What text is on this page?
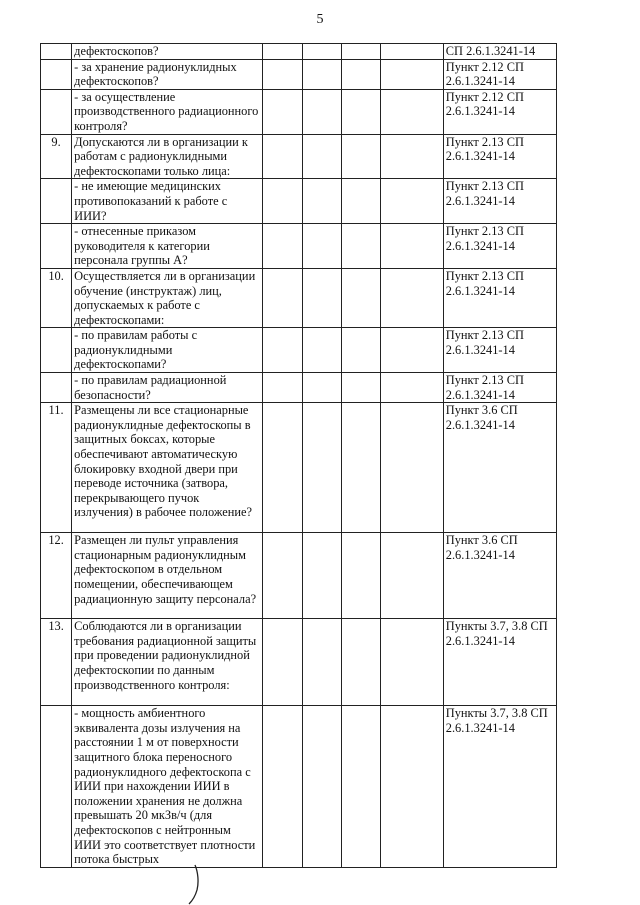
5
	дефектоскопов?					СП 2.6.1.3241-14
	- за хранение радионуклидных дефектоскопов?					Пункт 2.12 СП 2.6.1.3241-14
	- за осуществление производственного радиационного контроля?					Пункт 2.12 СП 2.6.1.3241-14
9.	Допускаются ли в организации к работам с радионуклидными дефектоскопами только лица:					Пункт 2.13 СП 2.6.1.3241-14
	- не имеющие медицинских противопоказаний к работе с ИИИ?					Пункт 2.13 СП 2.6.1.3241-14
	- отнесенные приказом руководителя к категории персонала группы А?					Пункт 2.13 СП 2.6.1.3241-14
10.	Осуществляется ли в организации обучение (инструктаж) лиц, допускаемых к работе с дефектоскопами:					Пункт 2.13 СП 2.6.1.3241-14
	- по правилам работы с радионуклидными дефектоскопами?					Пункт 2.13 СП 2.6.1.3241-14
	- по правилам радиационной безопасности?					Пункт 2.13 СП 2.6.1.3241-14
11.	Размещены ли все стационарные радионуклидные дефектоскопы в защитных боксах, которые обеспечивают автоматическую блокировку входной двери при переводе источника (затвора, перекрывающего пучок излучения) в рабочее положение?					Пункт 3.6 СП 2.6.1.3241-14
12.	Размещен ли пульт управления стационарным радионуклидным дефектоскопом в отдельном помещении, обеспечивающем радиационную защиту персонала?					Пункт 3.6 СП 2.6.1.3241-14
13.	Соблюдаются ли в организации требования радиационной защиты при проведении радионуклидной дефектоскопии по данным производственного контроля:					Пункты 3.7, 3.8 СП 2.6.1.3241-14
	- мощность амбиентного эквивалента дозы излучения на расстоянии 1 м от поверхности защитного блока переносного радионуклидного дефектоскопа с ИИИ при нахождении ИИИ в положении хранения не должна превышать 20 мкЗв/ч (для дефектоскопов с нейтронным ИИИ это соответствует плотности потока быстрых					Пункты 3.7, 3.8 СП 2.6.1.3241-14
